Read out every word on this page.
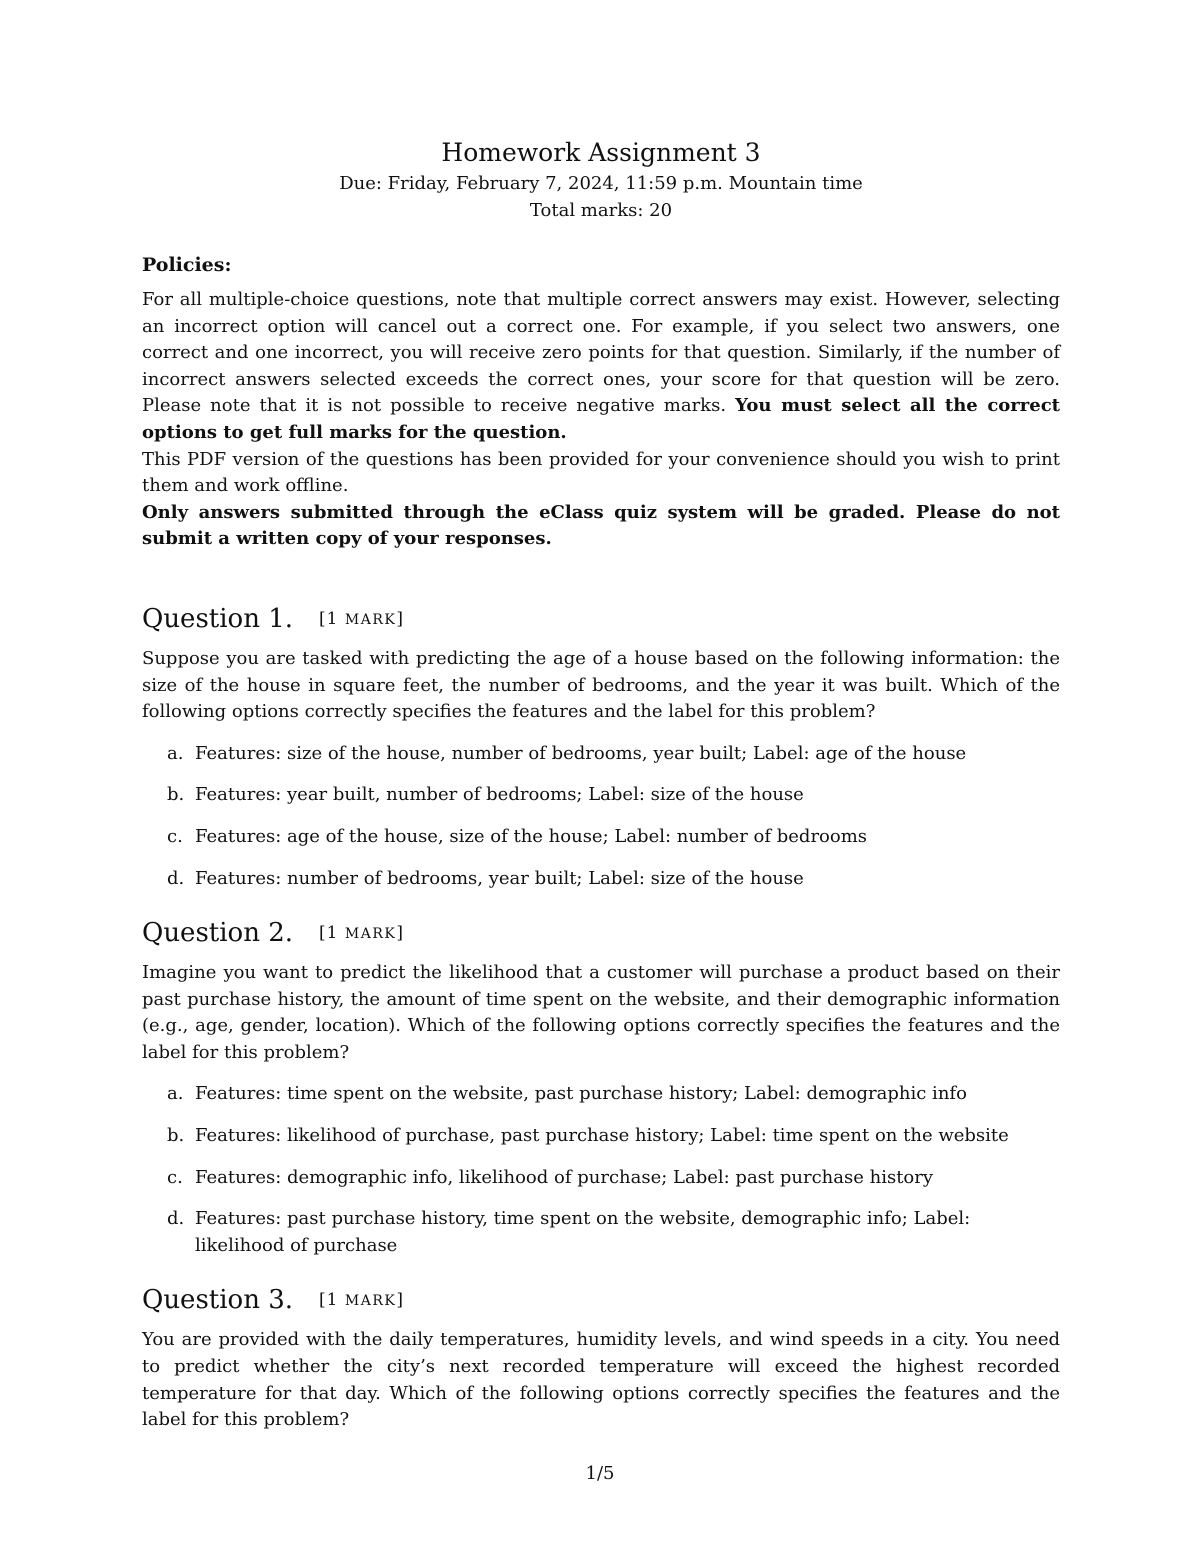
Homework Assignment 3

Due: Friday, February 7, 2024, 11:59 p.m. Mountain time

Total marks: 20

Policies:

For all multiple-choice questions, note that multiple correct answers may exist. However, selecting an incorrect option will cancel out a correct one. For example, if you select two answers, one correct and one incorrect, you will receive zero points for that question. Similarly, if the number of incorrect answers selected exceeds the correct ones, your score for that question will be zero. Please note that it is not possible to receive negative marks. You must select all the correct options to get full marks for the question.

This PDF version of the questions has been provided for your convenience should you wish to print them and work offline.

Only answers submitted through the eClass quiz system will be graded. Please do not submit a written copy of your responses.

Question 1. [1 MARK]

Suppose you are tasked with predicting the age of a house based on the following information: the size of the house in square feet, the number of bedrooms, and the year it was built. Which of the following options correctly specifies the features and the label for this problem?

a. Features: size of the house, number of bedrooms, year built; Label: age of the house
b. Features: year built, number of bedrooms; Label: size of the house
c. Features: age of the house, size of the house; Label: number of bedrooms
d. Features: number of bedrooms, year built; Label: size of the house
Question 2. [1 MARK]

Imagine you want to predict the likelihood that a customer will purchase a product based on their past purchase history, the amount of time spent on the website, and their demographic information (e.g., age, gender, location). Which of the following options correctly specifies the features and the label for this problem?

a. Features: time spent on the website, past purchase history; Label: demographic info
b. Features: likelihood of purchase, past purchase history; Label: time spent on the website
c. Features: demographic info, likelihood of purchase; Label: past purchase history
d. Features: past purchase history, time spent on the website, demographic info; Label: likelihood of purchase
Question 3. [1 MARK]

You are provided with the daily temperatures, humidity levels, and wind speeds in a city. You need to predict whether the city’s next recorded temperature will exceed the highest recorded temperature for that day. Which of the following options correctly specifies the features and the label for this problem?

1/5
